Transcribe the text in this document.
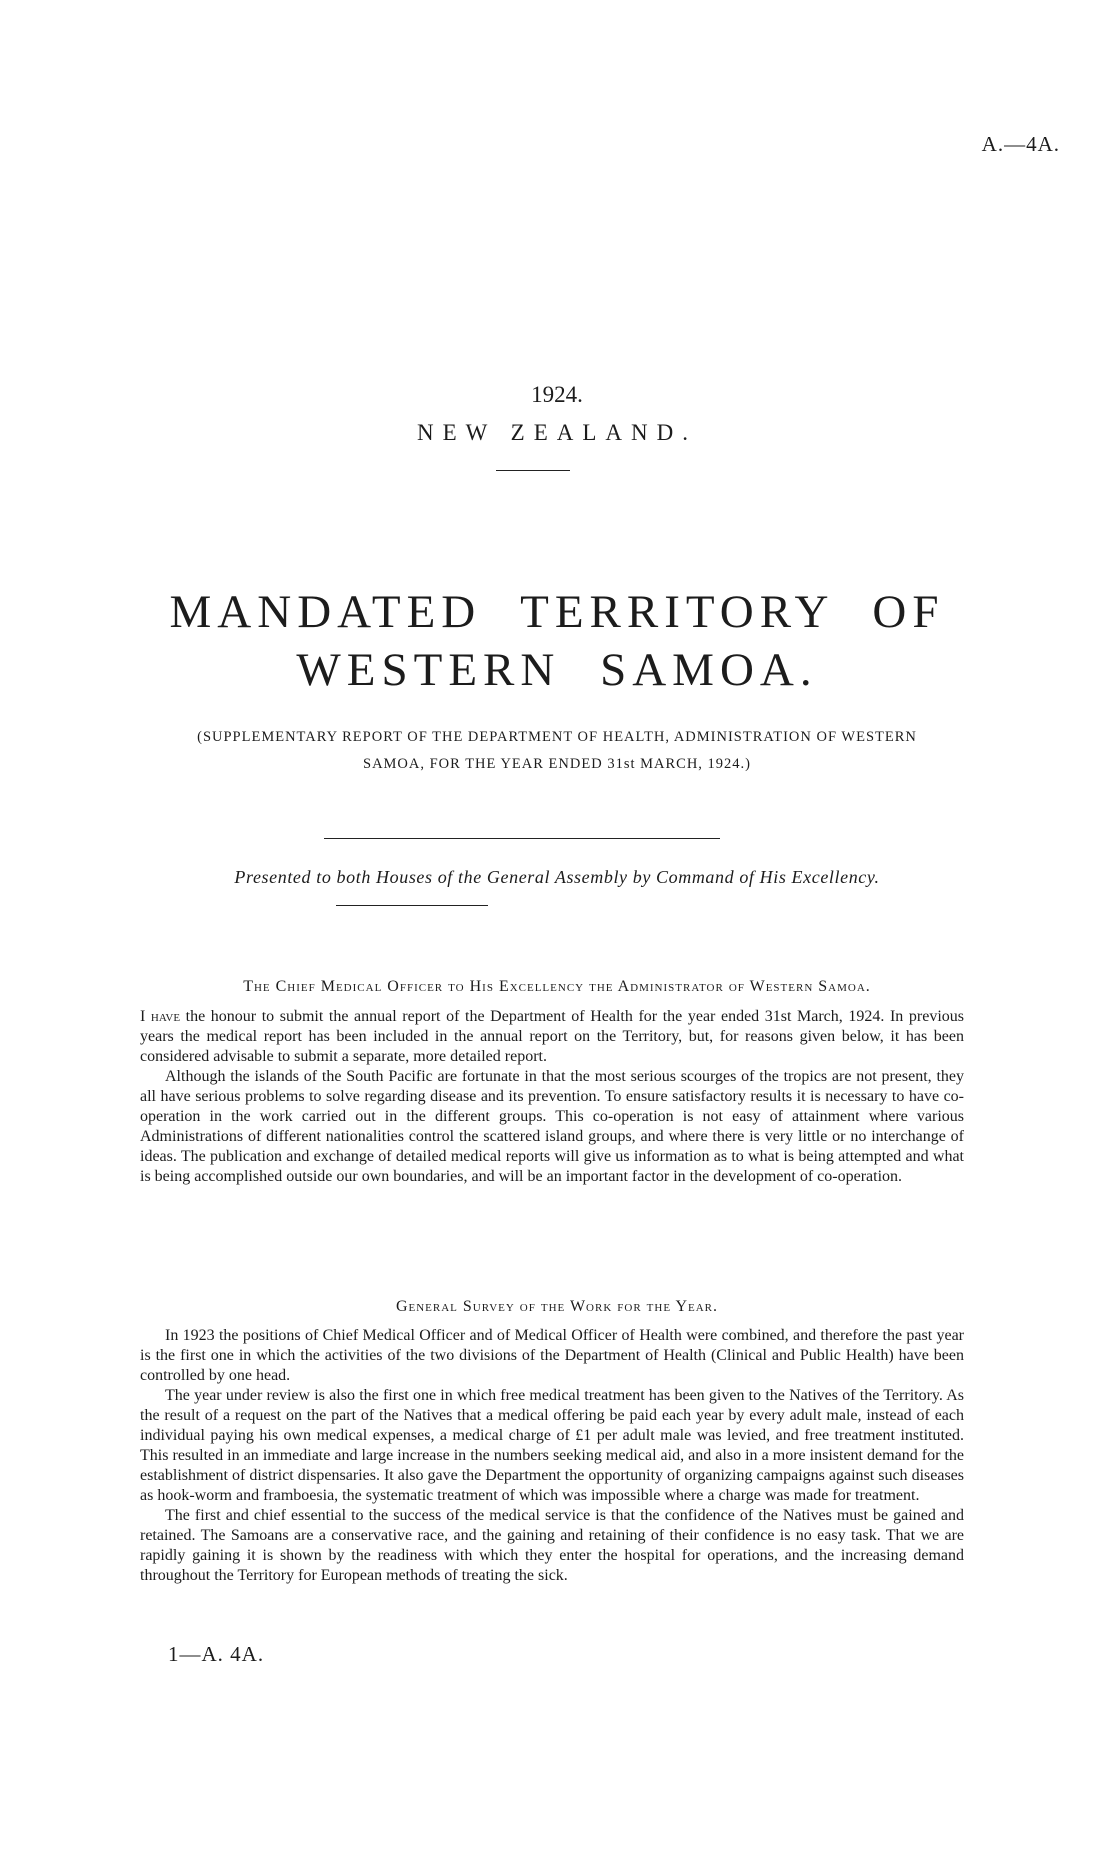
A.—4A.
1924.
NEW ZEALAND.
MANDATED TERRITORY OF
WESTERN SAMOA.
(SUPPLEMENTARY REPORT OF THE DEPARTMENT OF HEALTH, ADMINISTRATION OF WESTERN
SAMOA, FOR THE YEAR ENDED 31st MARCH, 1924.)
Presented to both Houses of the General Assembly by Command of His Excellency.
The Chief Medical Officer to His Excellency the Administrator of Western Samoa.

I have the honour to submit the annual report of the Department of Health for the year ended 31st March, 1924. In previous years the medical report has been included in the annual report on the Territory, but, for reasons given below, it has been considered advisable to submit a separate, more detailed report.

Although the islands of the South Pacific are fortunate in that the most serious scourges of the tropics are not present, they all have serious problems to solve regarding disease and its prevention. To ensure satisfactory results it is necessary to have co-operation in the work carried out in the different groups. This co-operation is not easy of attainment where various Administrations of different nationalities control the scattered island groups, and where there is very little or no interchange of ideas. The publication and exchange of detailed medical reports will give us information as to what is being attempted and what is being accomplished outside our own boundaries, and will be an important factor in the development of co-operation.

General Survey of the Work for the Year.

In 1923 the positions of Chief Medical Officer and of Medical Officer of Health were combined, and therefore the past year is the first one in which the activities of the two divisions of the Department of Health (Clinical and Public Health) have been controlled by one head.

The year under review is also the first one in which free medical treatment has been given to the Natives of the Territory. As the result of a request on the part of the Natives that a medical offering be paid each year by every adult male, instead of each individual paying his own medical expenses, a medical charge of £1 per adult male was levied, and free treatment instituted. This resulted in an immediate and large increase in the numbers seeking medical aid, and also in a more insistent demand for the establishment of district dispensaries. It also gave the Department the opportunity of organizing campaigns against such diseases as hook-worm and framboesia, the systematic treatment of which was impossible where a charge was made for treatment.

The first and chief essential to the success of the medical service is that the confidence of the Natives must be gained and retained. The Samoans are a conservative race, and the gaining and retaining of their confidence is no easy task. That we are rapidly gaining it is shown by the readiness with which they enter the hospital for operations, and the increasing demand throughout the Territory for European methods of treating the sick.

1—A. 4A.
